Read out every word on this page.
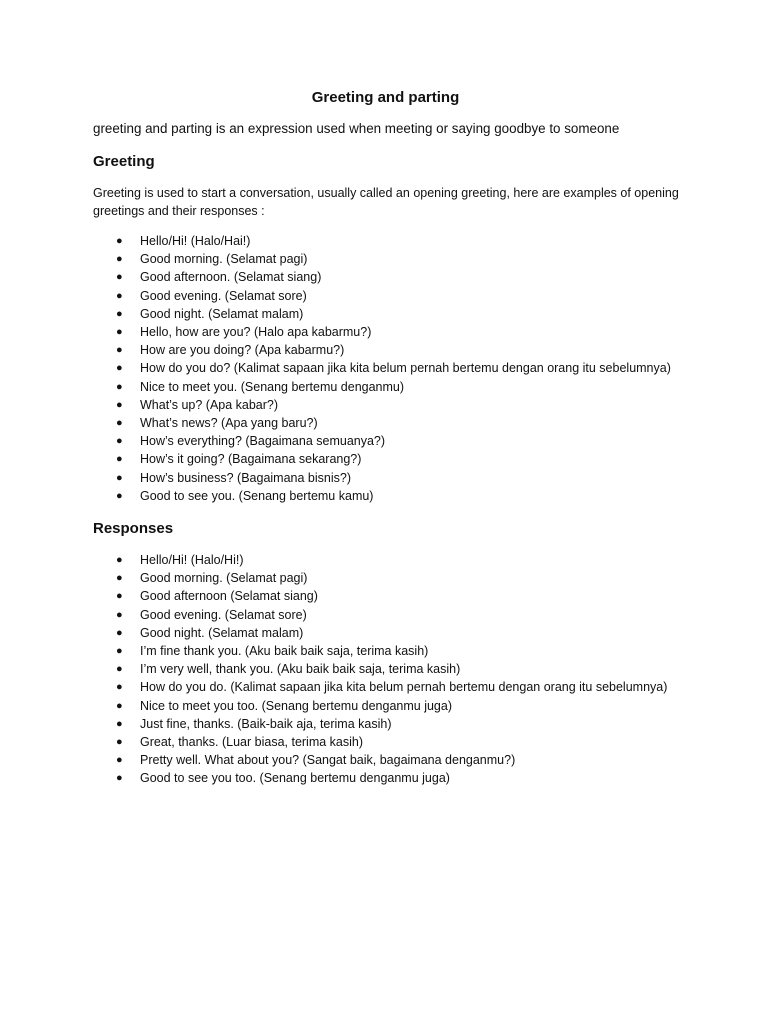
Greeting and parting

greeting and parting is an expression used when meeting or saying goodbye to someone

Greeting

Greeting is used to start a conversation, usually called an opening greeting, here are examples of opening greetings and their responses :

● Hello/Hi! (Halo/Hai!)
● Good morning. (Selamat pagi)
● Good afternoon. (Selamat siang)
● Good evening. (Selamat sore)
● Good night. (Selamat malam)
● Hello, how are you? (Halo apa kabarmu?)
● How are you doing? (Apa kabarmu?)
● How do you do? (Kalimat sapaan jika kita belum pernah bertemu dengan orang itu sebelumnya)
● Nice to meet you. (Senang bertemu denganmu)
● What’s up? (Apa kabar?)
● What’s news? (Apa yang baru?)
● How’s everything? (Bagaimana semuanya?)
● How’s it going? (Bagaimana sekarang?)
● How’s business? (Bagaimana bisnis?)
● Good to see you. (Senang bertemu kamu)
Responses
● Hello/Hi! (Halo/Hi!)
● Good morning. (Selamat pagi)
● Good afternoon (Selamat siang)
● Good evening. (Selamat sore)
● Good night. (Selamat malam)
● I’m fine thank you. (Aku baik baik saja, terima kasih)
● I’m very well, thank you. (Aku baik baik saja, terima kasih)
● How do you do. (Kalimat sapaan jika kita belum pernah bertemu dengan orang itu sebelumnya)
● Nice to meet you too. (Senang bertemu denganmu juga)
● Just fine, thanks. (Baik-baik aja, terima kasih)
● Great, thanks. (Luar biasa, terima kasih)
● Pretty well. What about you? (Sangat baik, bagaimana denganmu?)
● Good to see you too. (Senang bertemu denganmu juga)
